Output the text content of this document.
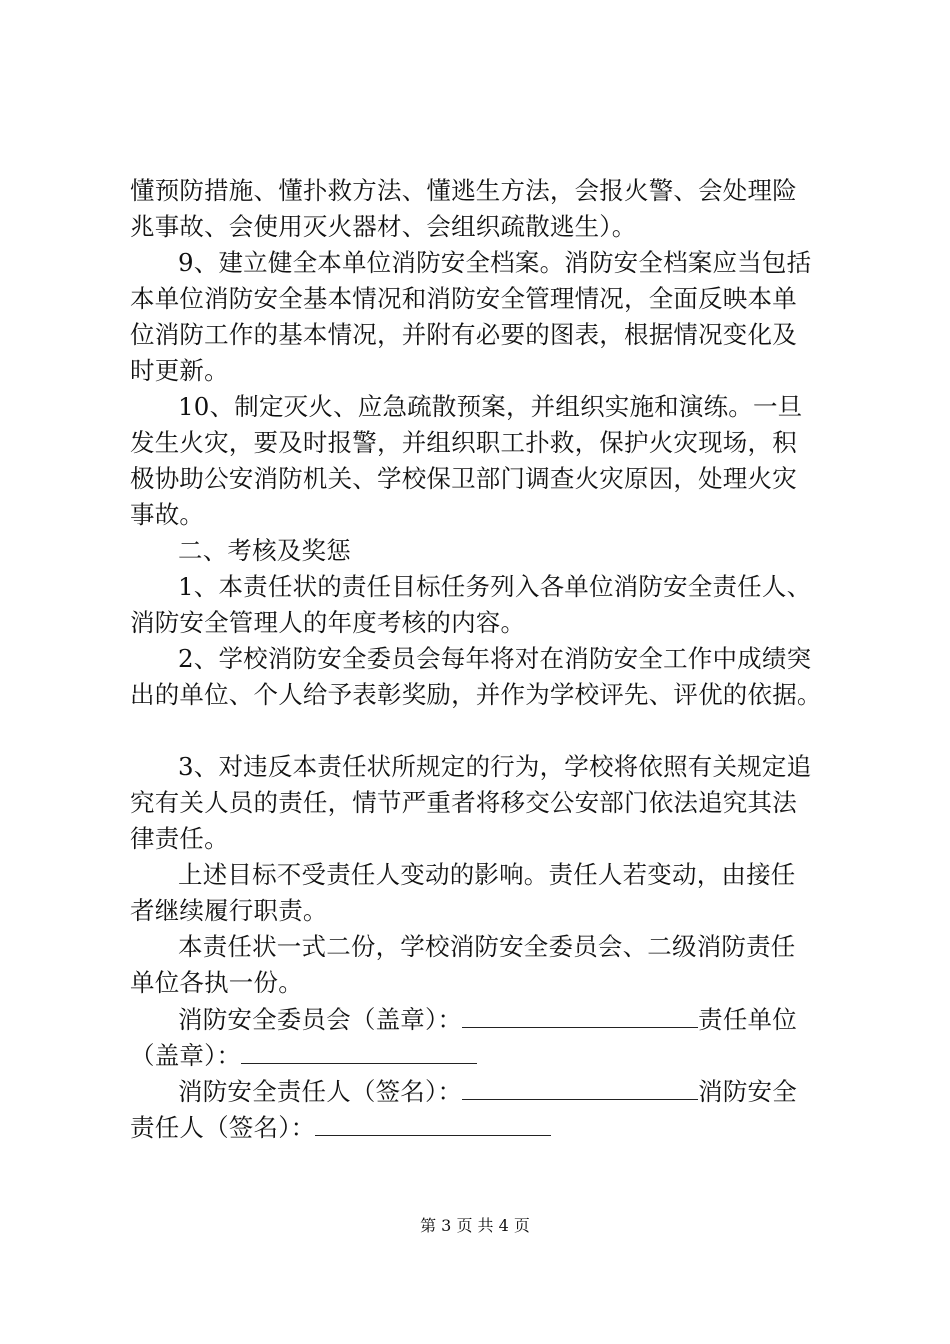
懂预防措施、懂扑救方法、懂逃生方法，会报火警、会处理险
兆事故、会使用灭火器材、会组织疏散逃生）。
9、建立健全本单位消防安全档案。消防安全档案应当包括
本单位消防安全基本情况和消防安全管理情况，全面反映本单
位消防工作的基本情况，并附有必要的图表，根据情况变化及
时更新。
10、制定灭火、应急疏散预案，并组织实施和演练。一旦
发生火灾，要及时报警，并组织职工扑救，保护火灾现场，积
极协助公安消防机关、学校保卫部门调查火灾原因，处理火灾
事故。
二、考核及奖惩
1、本责任状的责任目标任务列入各单位消防安全责任人、
消防安全管理人的年度考核的内容。
2、学校消防安全委员会每年将对在消防安全工作中成绩突
出的单位、个人给予表彰奖励，并作为学校评先、评优的依据。
3、对违反本责任状所规定的行为，学校将依照有关规定追
究有关人员的责任，情节严重者将移交公安部门依法追究其法
律责任。
上述目标不受责任人变动的影响。责任人若变动，由接任
者继续履行职责。
本责任状一式二份，学校消防安全委员会、二级消防责任
单位各执一份。
消防安全委员会（盖章）：	责任单位
（盖章）：
消防安全责任人（签名）：	消防安全
责任人（签名）：
第 3 页 共 4 页
